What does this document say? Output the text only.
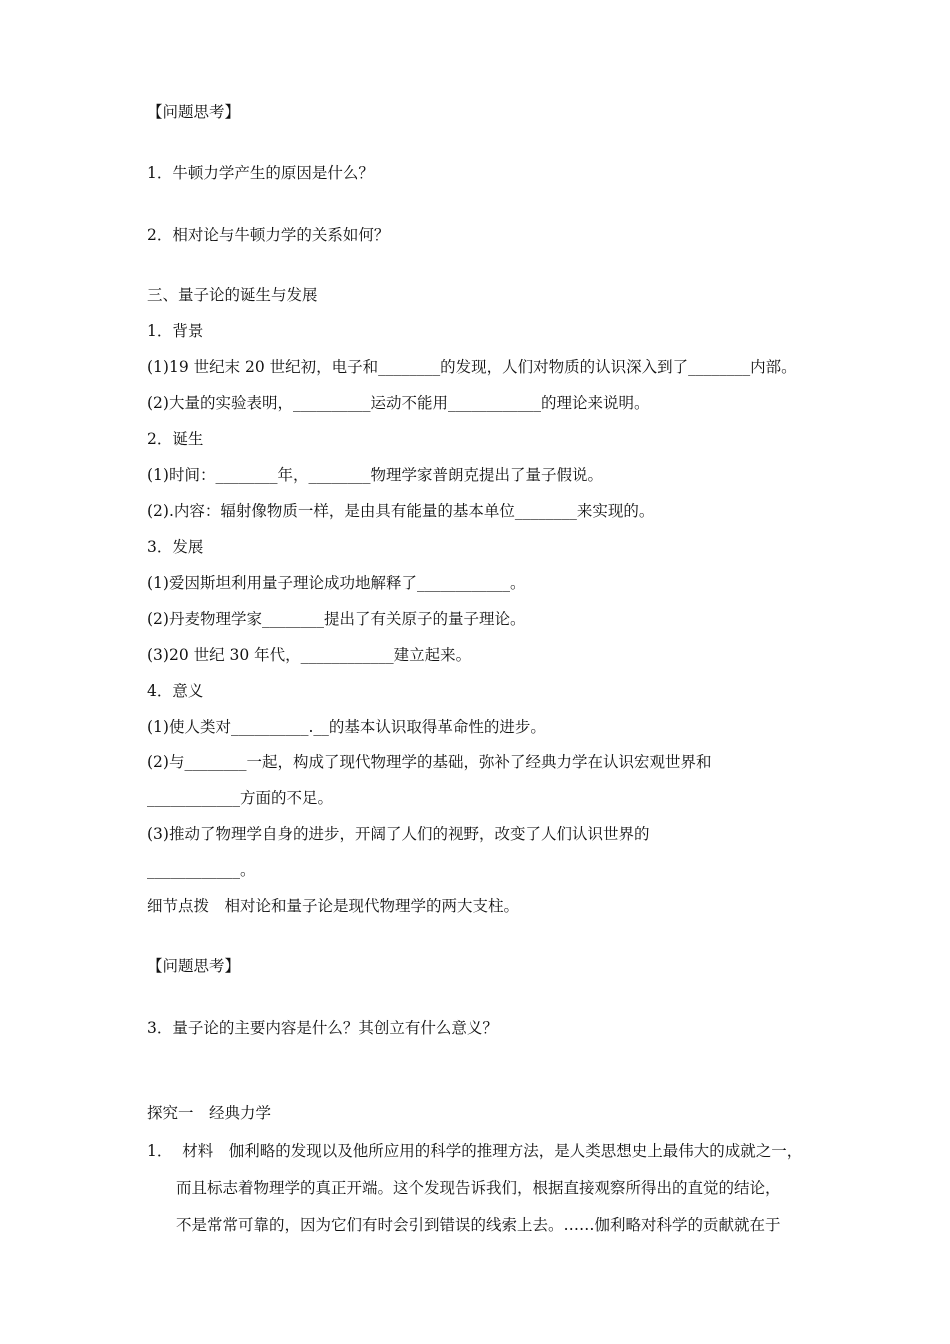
【问题思考】
1．牛顿力学产生的原因是什么？
2．相对论与牛顿力学的关系如何？
三、量子论的诞生与发展
1．背景
(1)19 世纪末 20 世纪初，电子和________的发现，人们对物质的认识深入到了________内部。
(2)大量的实验表明，__________运动不能用____________的理论来说明。
2．诞生
(1)时间：________年，________物理学家普朗克提出了量子假说。
(2).内容：辐射像物质一样，是由具有能量的基本单位________来实现的。
3．发展
(1)爱因斯坦利用量子理论成功地解释了____________。
(2)丹麦物理学家________提出了有关原子的量子理论。
(3)20 世纪 30 年代，____________建立起来。
4．意义
(1)使人类对__________.__的基本认识取得革命性的进步。
(2)与________一起，构成了现代物理学的基础，弥补了经典力学在认识宏观世界和
____________方面的不足。
(3)推动了物理学自身的进步，开阔了人们的视野，改变了人们认识世界的
____________。
细节点拨　相对论和量子论是现代物理学的两大支柱。
【问题思考】
3．量子论的主要内容是什么？其创立有什么意义？
探究一　经典力学
1．  材料　伽利略的发现以及他所应用的科学的推理方法，是人类思想史上最伟大的成就之一，
而且标志着物理学的真正开端。这个发现告诉我们，根据直接观察所得出的直觉的结论，
不是常常可靠的，因为它们有时会引到错误的线索上去。……伽利略对科学的贡献就在于
